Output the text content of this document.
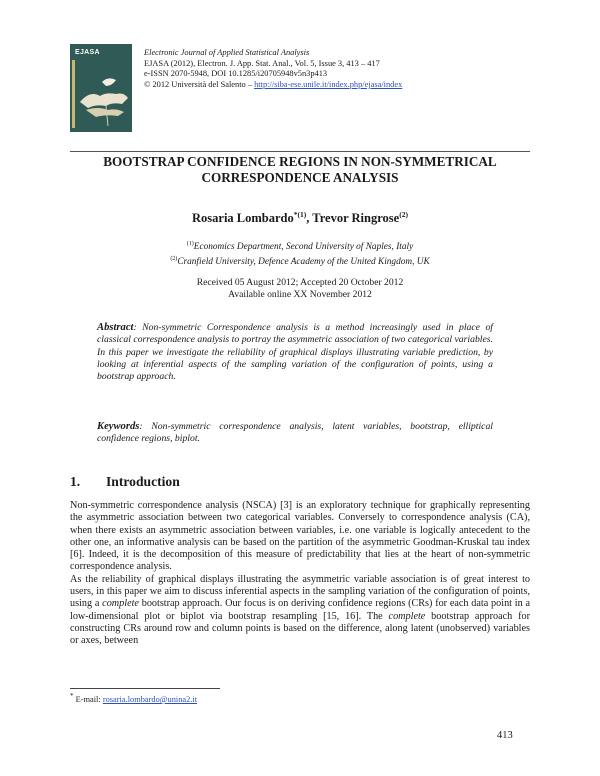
EJASA	Electronic Journal of Applied Statistical Analysis
EJASA (2012), Electron. J. App. Stat. Anal., Vol. 5, Issue 3, 413 – 417
e-ISSN 2070-5948, DOI 10.1285/i20705948v5n3p413
© 2012 Università del Salento – http://siba-ese.unile.it/index.php/ejasa/index
BOOTSTRAP CONFIDENCE REGIONS IN NON-SYMMETRICAL
CORRESPONDENCE ANALYSIS
Rosaria Lombardo$^{*(1)}$, Trevor Ringrose$^{(2)}$
$^{(1)}$Economics Department, Second University of Naples, Italy
$^{(2)}$Cranfield University, Defence Academy of the United Kingdom, UK
Received 05 August 2012; Accepted 20 October 2012
Available online XX November 2012
Abstract: Non-symmetric Correspondence analysis is a method increasingly used in place of classical correspondence analysis to portray the asymmetric association of two categorical variables. In this paper we investigate the reliability of graphical displays illustrating variable prediction, by looking at inferential aspects of the sampling variation of the configuration of points, using a bootstrap approach.
Keywords: Non-symmetric correspondence analysis, latent variables, bootstrap, elliptical confidence regions, biplot.
1. Introduction

Non-symmetric correspondence analysis (NSCA) [3] is an exploratory technique for graphically representing the asymmetric association between two categorical variables. Conversely to correspondence analysis (CA), when there exists an asymmetric association between variables, i.e. one variable is logically antecedent to the other one, an informative analysis can be based on the partition of the asymmetric Goodman-Kruskal tau index [6]. Indeed, it is the decomposition of this measure of predictability that lies at the heart of non-symmetric correspondence analysis.

As the reliability of graphical displays illustrating the asymmetric variable association is of great interest to users, in this paper we aim to discuss inferential aspects in the sampling variation of the configuration of points, using a complete bootstrap approach. Our focus is on deriving confidence regions (CRs) for each data point in a low-dimensional plot or biplot via bootstrap resampling [15, 16]. The complete bootstrap approach for constructing CRs around row and column points is based on the difference, along latent (unobserved) variables or axes, between

* E-mail: rosaria.lombardo@unina2.it
413
